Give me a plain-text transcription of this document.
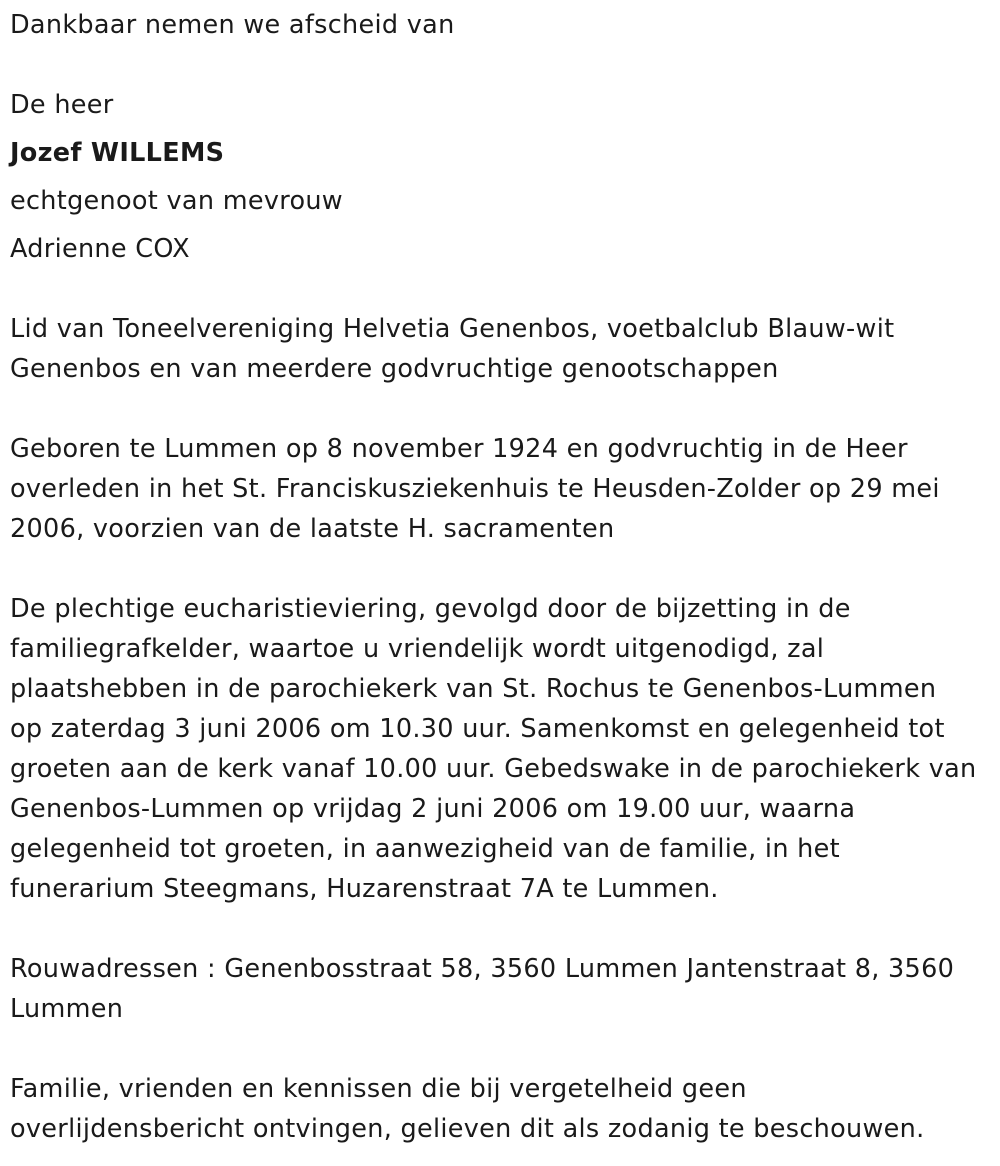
Dankbaar nemen we afscheid van
De heer
Jozef WILLEMS
echtgenoot van mevrouw
Adrienne COX
Lid van Toneelvereniging Helvetia Genenbos, voetbalclub Blauw-wit
Genenbos en van meerdere godvruchtige genootschappen
Geboren te Lummen op 8 november 1924 en godvruchtig in de Heer
overleden in het St. Franciskusziekenhuis te Heusden-Zolder op 29 mei
2006, voorzien van de laatste H. sacramenten
De plechtige eucharistieviering, gevolgd door de bijzetting in de
familiegrafkelder, waartoe u vriendelijk wordt uitgenodigd, zal
plaatshebben in de parochiekerk van St. Rochus te Genenbos-Lummen
op zaterdag 3 juni 2006 om 10.30 uur. Samenkomst en gelegenheid tot
groeten aan de kerk vanaf 10.00 uur. Gebedswake in de parochiekerk van
Genenbos-Lummen op vrijdag 2 juni 2006 om 19.00 uur, waarna
gelegenheid tot groeten, in aanwezigheid van de familie, in het
funerarium Steegmans, Huzarenstraat 7A te Lummen.
Rouwadressen : Genenbosstraat 58, 3560 Lummen Jantenstraat 8, 3560
Lummen
Familie, vrienden en kennissen die bij vergetelheid geen
overlijdensbericht ontvingen, gelieven dit als zodanig te beschouwen.
